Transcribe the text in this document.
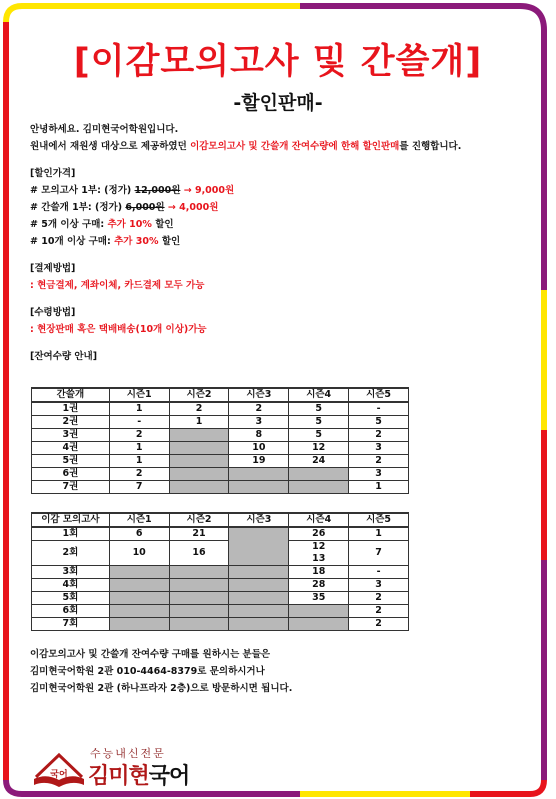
[이감모의고사 및 간쓸개]
-할인판매-
안녕하세요. 김미현국어학원입니다.
원내에서 재원생 대상으로 제공하였던 이감모의고사 및 간쓸개 잔여수량에 한해 할인판매를 진행합니다.
[할인가격]
# 모의고사 1부: (정가) 12,000원 → 9,000원
# 간쓸개 1부: (정가) 6,000원 → 4,000원
# 5개 이상 구매: 추가 10% 할인
# 10개 이상 구매: 추가 30% 할인
[결제방법]
: 현금결제, 계좌이체, 카드결제 모두 가능
[수령방법]
: 현장판매 혹은 택배배송(10개 이상)가능
[잔여수량 안내]
간쓸개	시즌1	시즌2	시즌3	시즌4	시즌5
1권	1	2	2	5	-
2권	-	1	3	5	5
3권	2		8	5	2
4권	1		10	12	3
5권	1		19	24	2
6권	2				3
7권	7				1
이감 모의고사	시즌1	시즌2	시즌3	시즌4	시즌5
1회	6	21		26	1
2회	10	16		12	7
				13	
3회				18	-
4회				28	3
5회				35	2
6회					2
7회					2
이감모의고사 및 간쓸개 잔여수량 구매를 원하시는 분들은
김미현국어학원 2관 010-4464-8379로 문의하시거나
김미현국어학원 2관 (하나프라자 2층)으로 방문하시면 됩니다.
국어
수능내신전문
김미현국어
